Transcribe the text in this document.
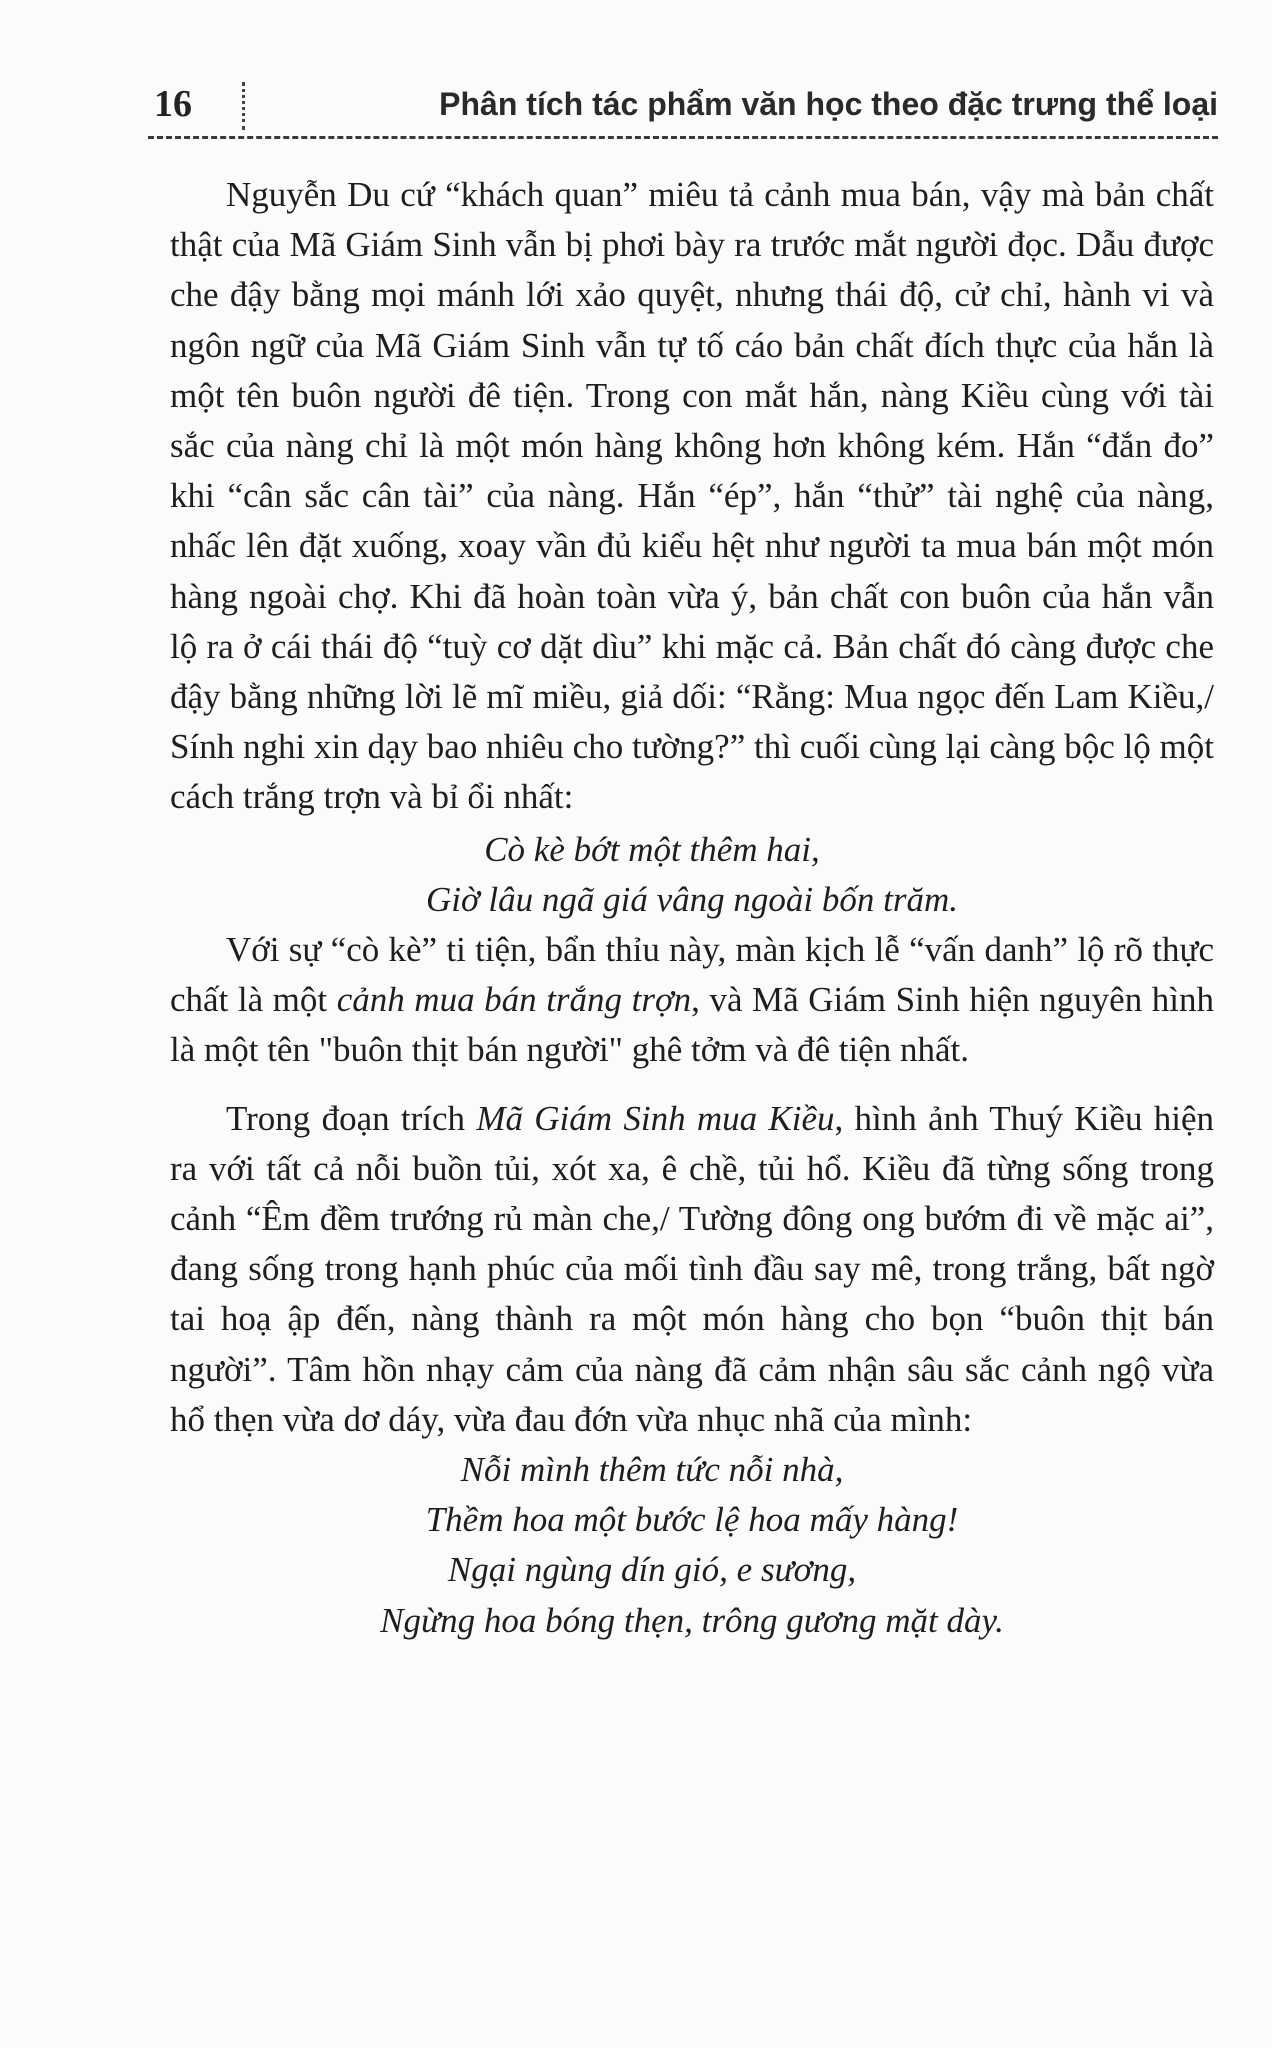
16	Phân tích tác phẩm văn học theo đặc trưng thể loại

Nguyễn Du cứ “khách quan” miêu tả cảnh mua bán, vậy mà bản chất thật của Mã Giám Sinh vẫn bị phơi bày ra trước mắt người đọc. Dẫu được che đậy bằng mọi mánh lới xảo quyệt, nhưng thái độ, cử chỉ, hành vi và ngôn ngữ của Mã Giám Sinh vẫn tự tố cáo bản chất đích thực của hắn là một tên buôn người đê tiện. Trong con mắt hắn, nàng Kiều cùng với tài sắc của nàng chỉ là một món hàng không hơn không kém. Hắn “đắn đo” khi “cân sắc cân tài” của nàng. Hắn “ép”, hắn “thử” tài nghệ của nàng, nhấc lên đặt xuống, xoay vần đủ kiểu hệt như người ta mua bán một món hàng ngoài chợ. Khi đã hoàn toàn vừa ý, bản chất con buôn của hắn vẫn lộ ra ở cái thái độ “tuỳ cơ dặt dìu” khi mặc cả. Bản chất đó càng được che đậy bằng những lời lẽ mĩ miều, giả dối: “Rằng: Mua ngọc đến Lam Kiều,/ Sính nghi xin dạy bao nhiêu cho tường?” thì cuối cùng lại càng bộc lộ một cách trắng trợn và bỉ ổi nhất:

Cò kè bớt một thêm hai,
Giờ lâu ngã giá vâng ngoài bốn trăm.

Với sự “cò kè” ti tiện, bẩn thỉu này, màn kịch lễ “vấn danh” lộ rõ thực chất là một cảnh mua bán trắng trợn, và Mã Giám Sinh hiện nguyên hình là một tên "buôn thịt bán người" ghê tởm và đê tiện nhất.

Trong đoạn trích Mã Giám Sinh mua Kiều, hình ảnh Thuý Kiều hiện ra với tất cả nỗi buồn tủi, xót xa, ê chề, tủi hổ. Kiều đã từng sống trong cảnh “Êm đềm trướng rủ màn che,/ Tường đông ong bướm đi về mặc ai”, đang sống trong hạnh phúc của mối tình đầu say mê, trong trắng, bất ngờ tai hoạ ập đến, nàng thành ra một món hàng cho bọn “buôn thịt bán người”. Tâm hồn nhạy cảm của nàng đã cảm nhận sâu sắc cảnh ngộ vừa hổ thẹn vừa dơ dáy, vừa đau đớn vừa nhục nhã của mình:

Nỗi mình thêm tức nỗi nhà,
Thềm hoa một bước lệ hoa mấy hàng!
Ngại ngùng dín gió, e sương,
Ngừng hoa bóng thẹn, trông gương mặt dày.
